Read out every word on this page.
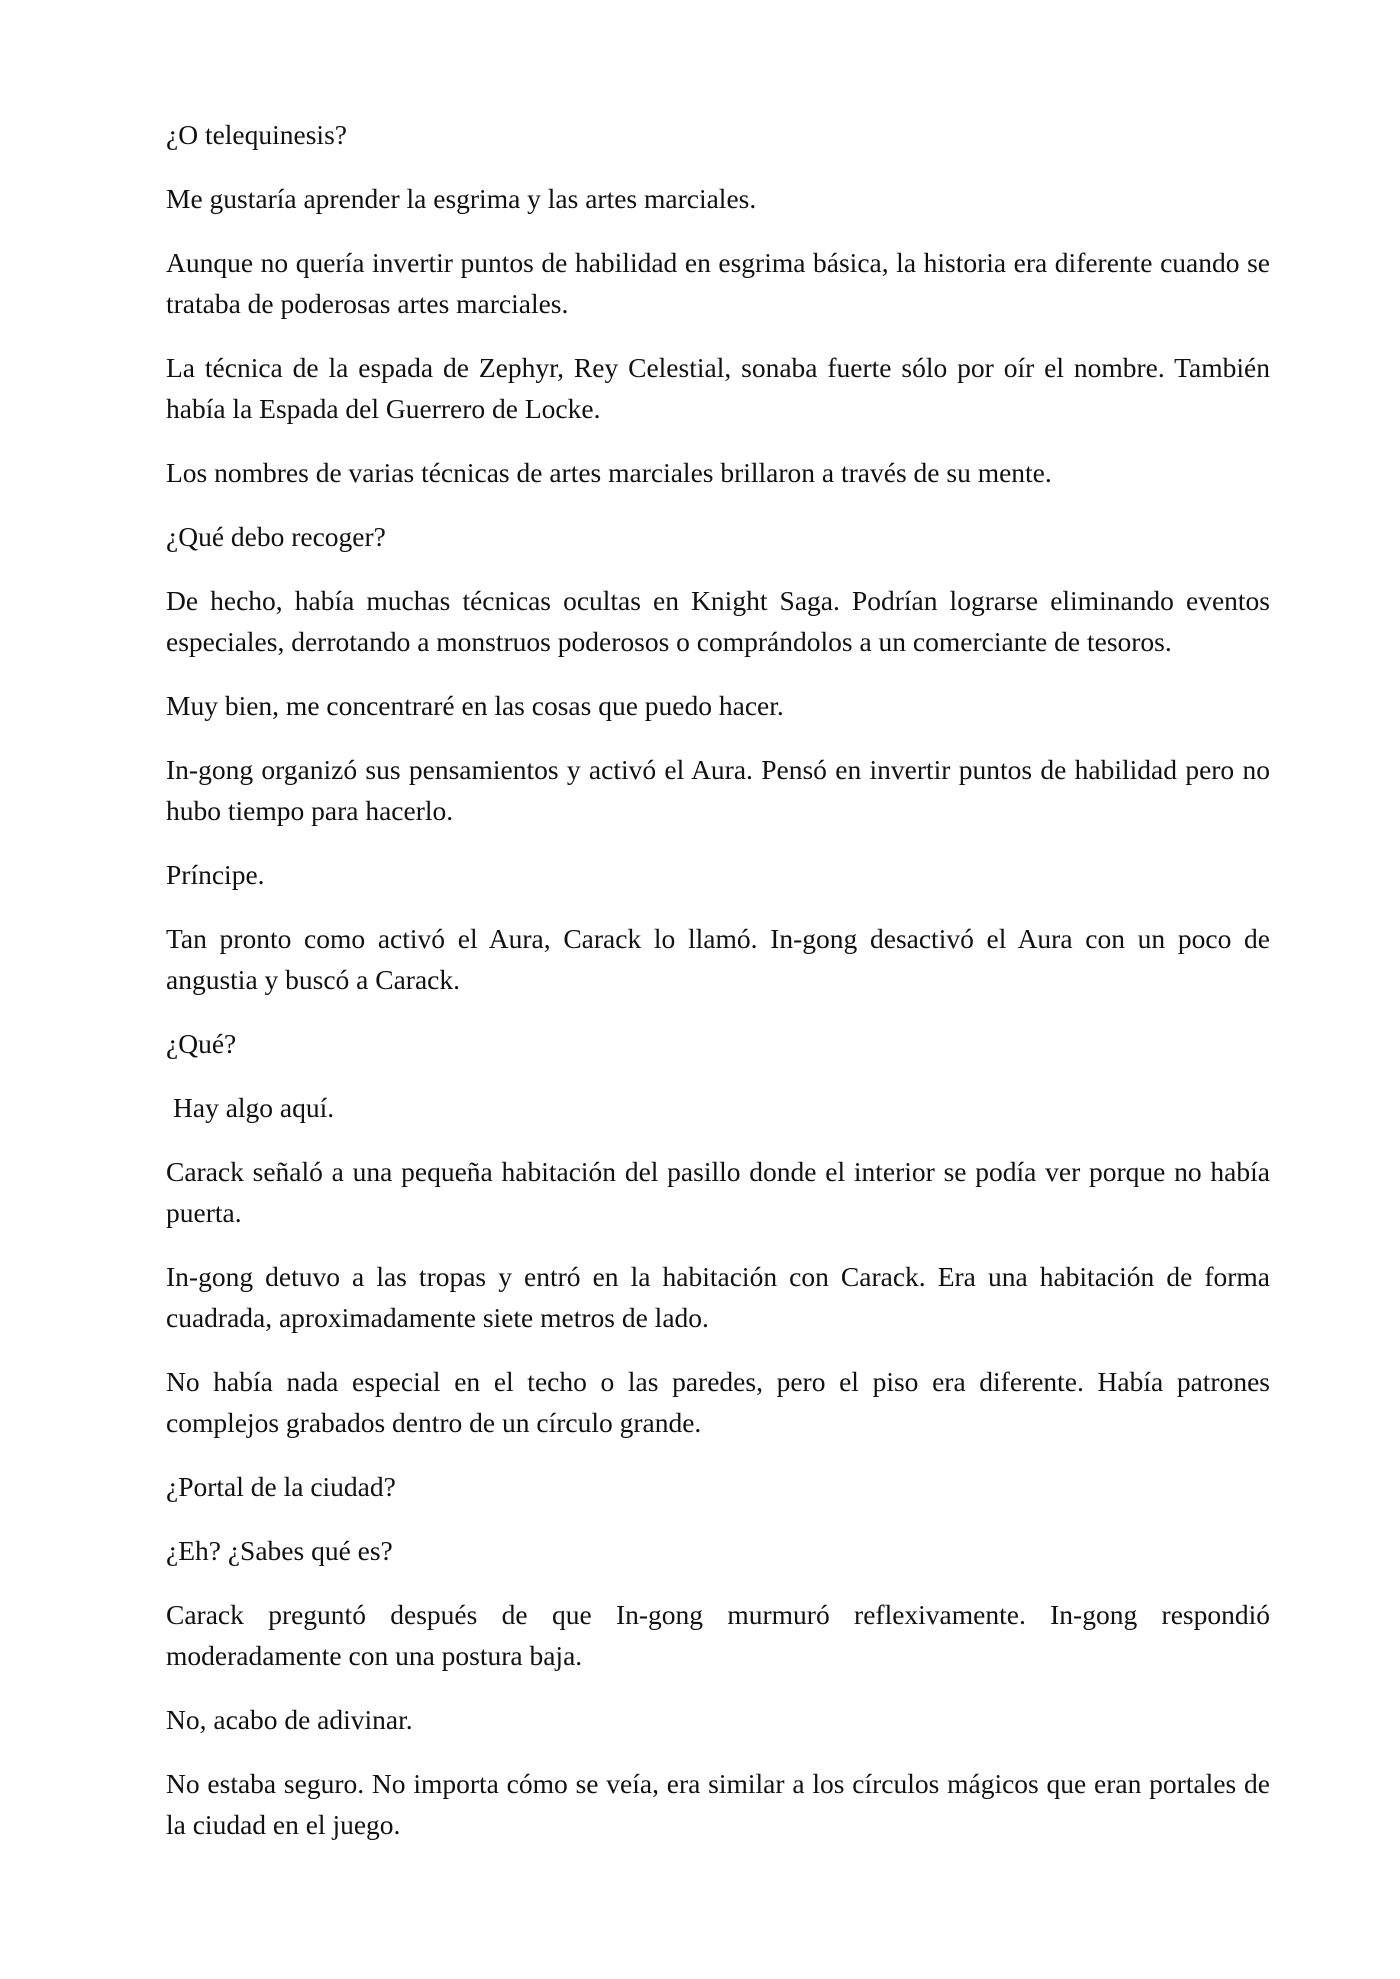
¿O telequinesis?

Me gustaría aprender la esgrima y las artes marciales.

Aunque no quería invertir puntos de habilidad en esgrima básica, la historia era diferente cuando se trataba de poderosas artes marciales.

La técnica de la espada de Zephyr, Rey Celestial, sonaba fuerte sólo por oír el nombre. También había la Espada del Guerrero de Locke.

Los nombres de varias técnicas de artes marciales brillaron a través de su mente.

¿Qué debo recoger?

De hecho, había muchas técnicas ocultas en Knight Saga. Podrían lograrse eliminando eventos especiales, derrotando a monstruos poderosos o comprándolos a un comerciante de tesoros.

Muy bien, me concentraré en las cosas que puedo hacer.

In-gong organizó sus pensamientos y activó el Aura. Pensó en invertir puntos de habilidad pero no hubo tiempo para hacerlo.

Príncipe.

Tan pronto como activó el Aura, Carack lo llamó. In-gong desactivó el Aura con un poco de angustia y buscó a Carack.

¿Qué?

Hay algo aquí.

Carack señaló a una pequeña habitación del pasillo donde el interior se podía ver porque no había puerta.

In-gong detuvo a las tropas y entró en la habitación con Carack. Era una habitación de forma cuadrada, aproximadamente siete metros de lado.

No había nada especial en el techo o las paredes, pero el piso era diferente. Había patrones complejos grabados dentro de un círculo grande.

¿Portal de la ciudad?

¿Eh? ¿Sabes qué es?

Carack preguntó después de que In-gong murmuró reflexivamente. In-gong respondió moderadamente con una postura baja.

No, acabo de adivinar.

No estaba seguro. No importa cómo se veía, era similar a los círculos mágicos que eran portales de la ciudad en el juego.
